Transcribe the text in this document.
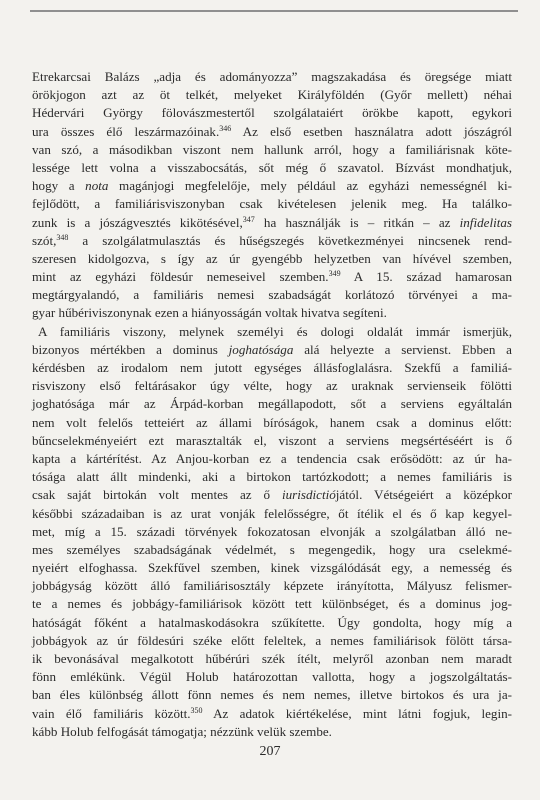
Etrekarcsai Balázs „adja és adományozza” magszakadása és öregsége miatt
örökjogon azt az öt telkét, melyeket Királyföldén (Győr mellett) néhai
Hédervári György fölovászmestertől szolgálataiért örökbe kapott, egykori
ura összes élő leszármazóinak.$^{346}$ Az első esetben használatra adott jószágról
van szó, a másodikban viszont nem hallunk arról, hogy a familiárisnak köte-
lessége lett volna a visszabocsátás, sőt még ő szavatol. Bízvást mondhatjuk,
hogy a nota magánjogi megfelelője, mely például az egyházi nemességnél ki-
fejlődött, a familiárisviszonyban csak kivételesen jelenik meg. Ha találko-
zunk is a jószágvesztés kikötésével,$^{347}$ ha használják is – ritkán – az infidelitas
szót,$^{348}$ a szolgálatmulasztás és hűségszegés következményei nincsenek rend-
szeresen kidolgozva, s így az úr gyengébb helyzetben van hívével szemben,
mint az egyházi földesúr nemeseivel szemben.$^{349}$ A 15. század hamarosan
megtárgyalandó, a familiáris nemesi szabadságát korlátozó törvényei a ma-
gyar hűbériviszonynak ezen a hiányosságán voltak hivatva segíteni.
A familiáris viszony, melynek személyi és dologi oldalát immár ismerjük,
bizonyos mértékben a dominus joghatósága alá helyezte a servienst. Ebben a
kérdésben az irodalom nem jutott egységes állásfoglalásra. Szekfű a familiá-
risviszony első feltárásakor úgy vélte, hogy az uraknak servienseik fölötti
joghatósága már az Árpád-korban megállapodott, sőt a serviens egyáltalán
nem volt felelős tetteiért az állami bíróságok, hanem csak a dominus előtt:
bűncselekményeiért ezt marasztalták el, viszont a serviens megsértéséért is ő
kapta a kártérítést. Az Anjou-korban ez a tendencia csak erősödött: az úr ha-
tósága alatt állt mindenki, aki a birtokon tartózkodott; a nemes familiáris is
csak saját birtokán volt mentes az ő iurisdictiójától. Vétségeiért a középkor
későbbi századaiban is az urat vonják felelősségre, őt ítélik el és ő kap kegyel-
met, míg a 15. századi törvények fokozatosan elvonják a szolgálatban álló ne-
mes személyes szabadságának védelmét, s megengedik, hogy ura cselekmé-
nyeiért elfoghassa. Szekfűvel szemben, kinek vizsgálódását egy, a nemesség és
jobbágyság között álló familiárisosztály képzete irányította, Mályusz felismer-
te a nemes és jobbágy-familiárisok között tett különbséget, és a dominus jog-
hatóságát főként a hatalmaskodásokra szűkítette. Úgy gondolta, hogy míg a
jobbágyok az úr földesúri széke előtt feleltek, a nemes familiárisok fölött társa-
ik bevonásával megalkotott hűbérúri szék ítélt, melyről azonban nem maradt
fönn emlékünk. Végül Holub határozottan vallotta, hogy a jogszolgáltatás-
ban éles különbség állott fönn nemes és nem nemes, illetve birtokos és ura ja-
vain élő familiáris között.$^{350}$ Az adatok kiértékelése, mint látni fogjuk, legin-
kább Holub felfogását támogatja; nézzünk velük szembe.
207
